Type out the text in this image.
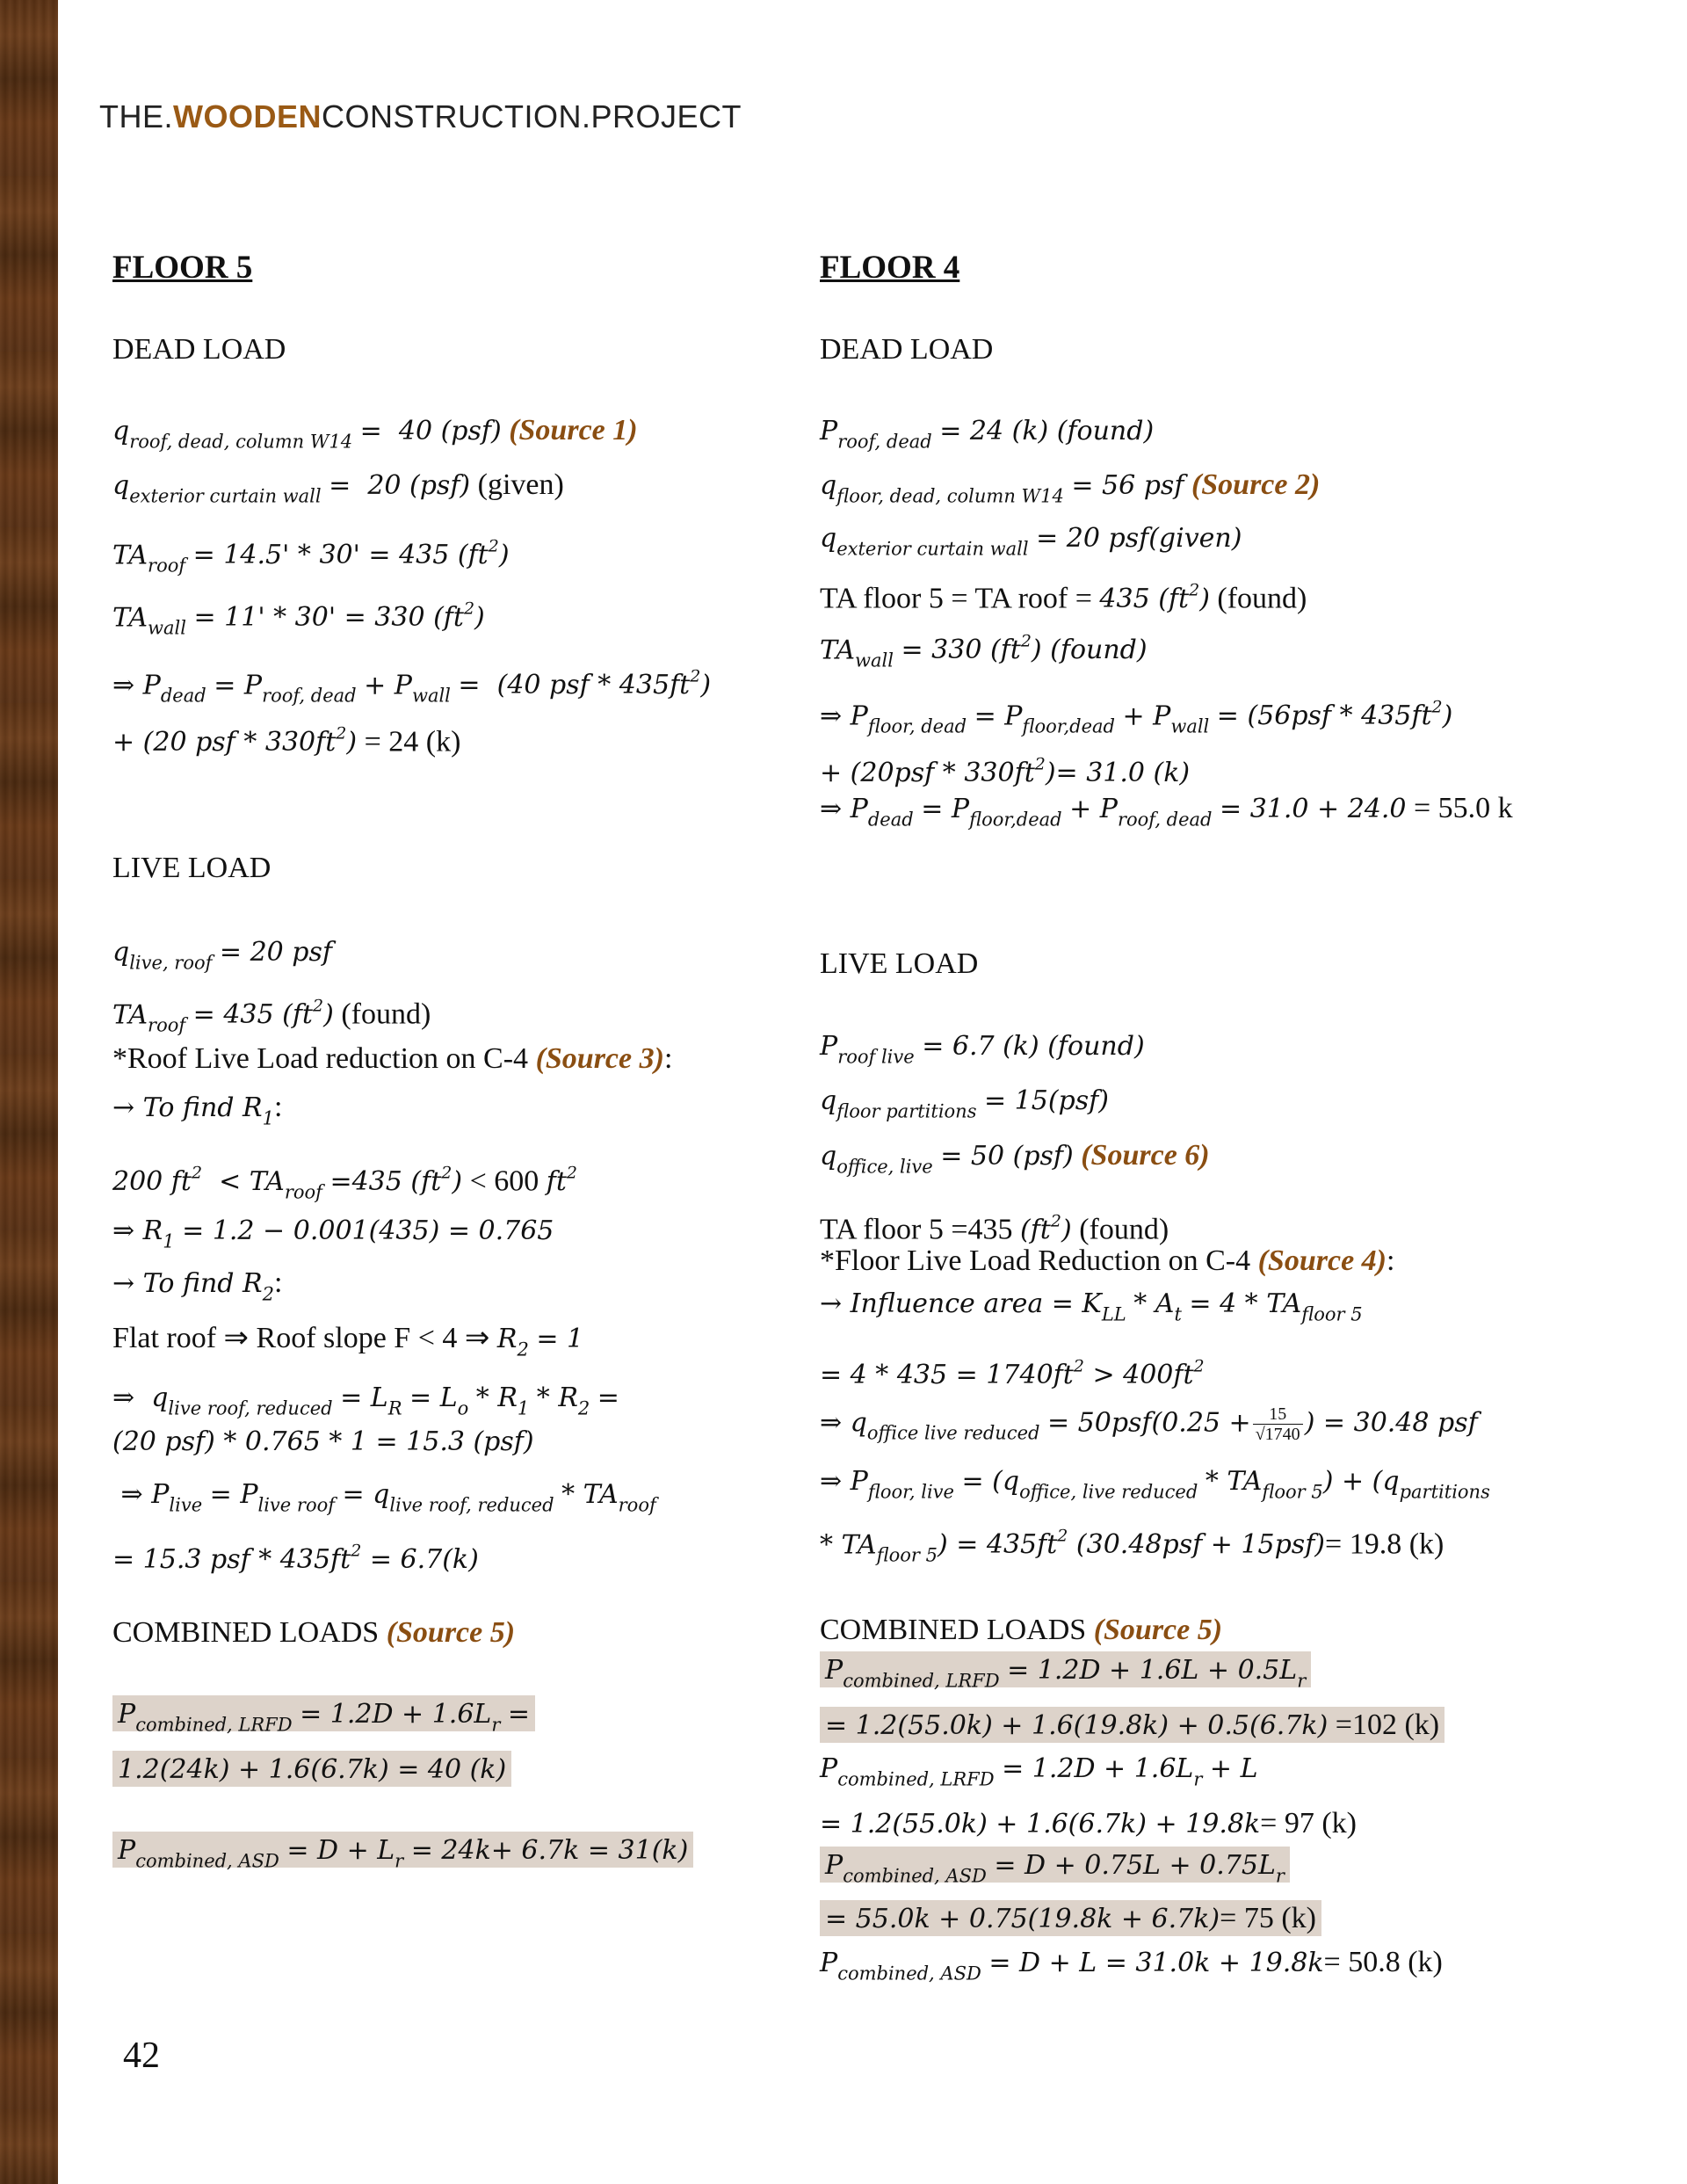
THE.WOODENCONSTRUCTION.PROJECT
FLOOR 5
DEAD LOAD
$q_{roof, dead, column W14} = 40$ (psf) (Source 1)
$q_{exterior curtain wall} = 20$ (psf) (given)
$TA_{roof} = 14.5' * 30' = 435$ $(ft^2)$
$TA_{wall} = 11' * 30' = 330$ $(ft^2)$
⇒ $P_{dead} = P_{roof, dead} + P_{wall} = (40$ psf * $435ft^2$)
+ (20 psf * $330ft^2) = 24$ (k)
LIVE LOAD
$q_{live, roof} = 20$ psf
$TA_{roof} = 435$ $(ft^2)$ (found)
*Roof Live Load reduction on C-4 (Source 3):
→ To find $R_1$:
200 $ft^2 < TA_{roof} =435$ $(ft^2) < 600$ $ft^2$
⇒ $R_1 = 1.2 - 0.001(435) = 0.765$
→ To find $R_2$:
Flat roof ⇒ Roof slope F < 4 ⇒ $R_2 = 1$
⇒  $q_{live roof, reduced} = L_R = L_o * R_1 * R_2$ =
(20 psf) * 0.765 * 1 = 15.3 (psf)
⇒ $P_{live} = P_{live roof} = q_{live roof, reduced} * TA_{roof}$
= 15.3 psf * $435ft^2 = 6.7(k)$
COMBINED LOADS (Source 5)
$P_{combined, LRFD} = 1.2D + 1.6L_r$ =
1.2(24k) + 1.6(6.7k) = 40 (k)
$P_{combined, ASD} = D + L_r = 24k+ 6.7k = 31(k)$
FLOOR 4
DEAD LOAD
$P_{roof, dead} = 24$ (k) (found)
$q_{floor, dead, column W14} = 56$ psf (Source 2)
$q_{exterior curtain wall} = 20$ psf(given)
TA floor 5 = TA roof = 435 $(ft^2)$ (found)
$TA_{wall} = 330$ $(ft^2)$ (found)
⇒ $P_{floor, dead} = P_{floor,dead} + P_{wall} = (56psf * 435ft^2)$
+ $(20psf * 330ft^2)= 31.0$ (k)
⇒ $P_{dead} = P_{floor,dead} + P_{roof, dead} = 31.0 + 24.0 = 55.0$ k
LIVE LOAD
$P_{roof live} = 6.7$ (k) (found)
$q_{floor partitions} = 15(psf)$
$q_{office, live} = 50$ (psf) (Source 6)
TA floor 5 =435 $(ft^2)$ (found)
*Floor Live Load Reduction on C-4 (Source 4):
→ Influence area = $K_{LL} * A_t = 4 * TA_{floor 5}$
= $4 * 435 = 1740ft^2 > 400ft^2$
⇒ $q_{office live reduced} = 50psf(0.25 + \frac{15}{√1740}$ ) = 30.48 psf
⇒ $P_{floor, live} = (q_{office, live reduced} * TA_{floor 5}) + (q_{partitions}$
* $TA_{floor 5}) = 435ft^2$ (30.48psf + 15psf)= 19.8 (k)
COMBINED LOADS (Source 5)
$P_{combined, LRFD} = 1.2D + 1.6L + 0.5L_r$
= 1.2(55.0k) + 1.6(19.8k) + 0.5(6.7k) =102 (k)
$P_{combined, LRFD} = 1.2D + 1.6L_r + L$
= 1.2(55.0k) + 1.6(6.7k) + 19.8k= 97 (k)
$P_{combined, ASD} = D + 0.75L + 0.75L_r$
= 55.0k + 0.75(19.8k + 6.7k)= 75 (k)
$P_{combined, ASD} = D + L = 31.0k + 19.8k= 50.8$ (k)
42
